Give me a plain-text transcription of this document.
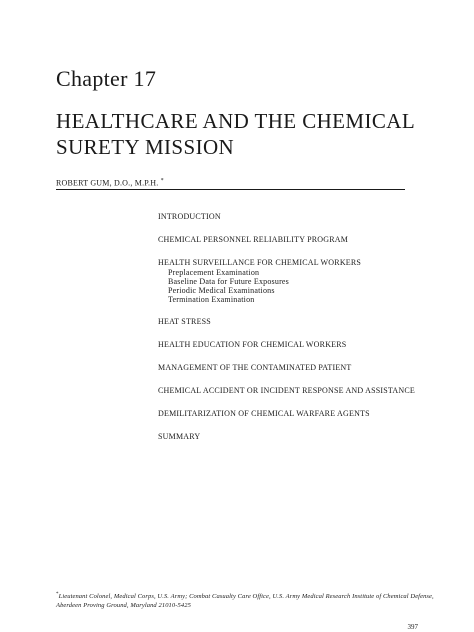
Chapter 17
HEALTHCARE AND THE CHEMICAL
SURETY MISSION
ROBERT GUM, D.O., M.P.H. *
INTRODUCTION
CHEMICAL PERSONNEL RELIABILITY PROGRAM
HEALTH SURVEILLANCE FOR CHEMICAL WORKERS
Preplacement Examination
Baseline Data for Future Exposures
Periodic Medical Examinations
Termination Examination
HEAT STRESS
HEALTH EDUCATION FOR CHEMICAL WORKERS
MANAGEMENT OF THE CONTAMINATED PATIENT
CHEMICAL ACCIDENT OR INCIDENT RESPONSE AND ASSISTANCE
DEMILITARIZATION OF CHEMICAL WARFARE AGENTS
SUMMARY
*Lieutenant Colonel, Medical Corps, U.S. Army; Combat Casualty Care Office, U.S. Army Medical Research Institute of Chemical Defense,
Aberdeen Proving Ground, Maryland 21010-5425
397
